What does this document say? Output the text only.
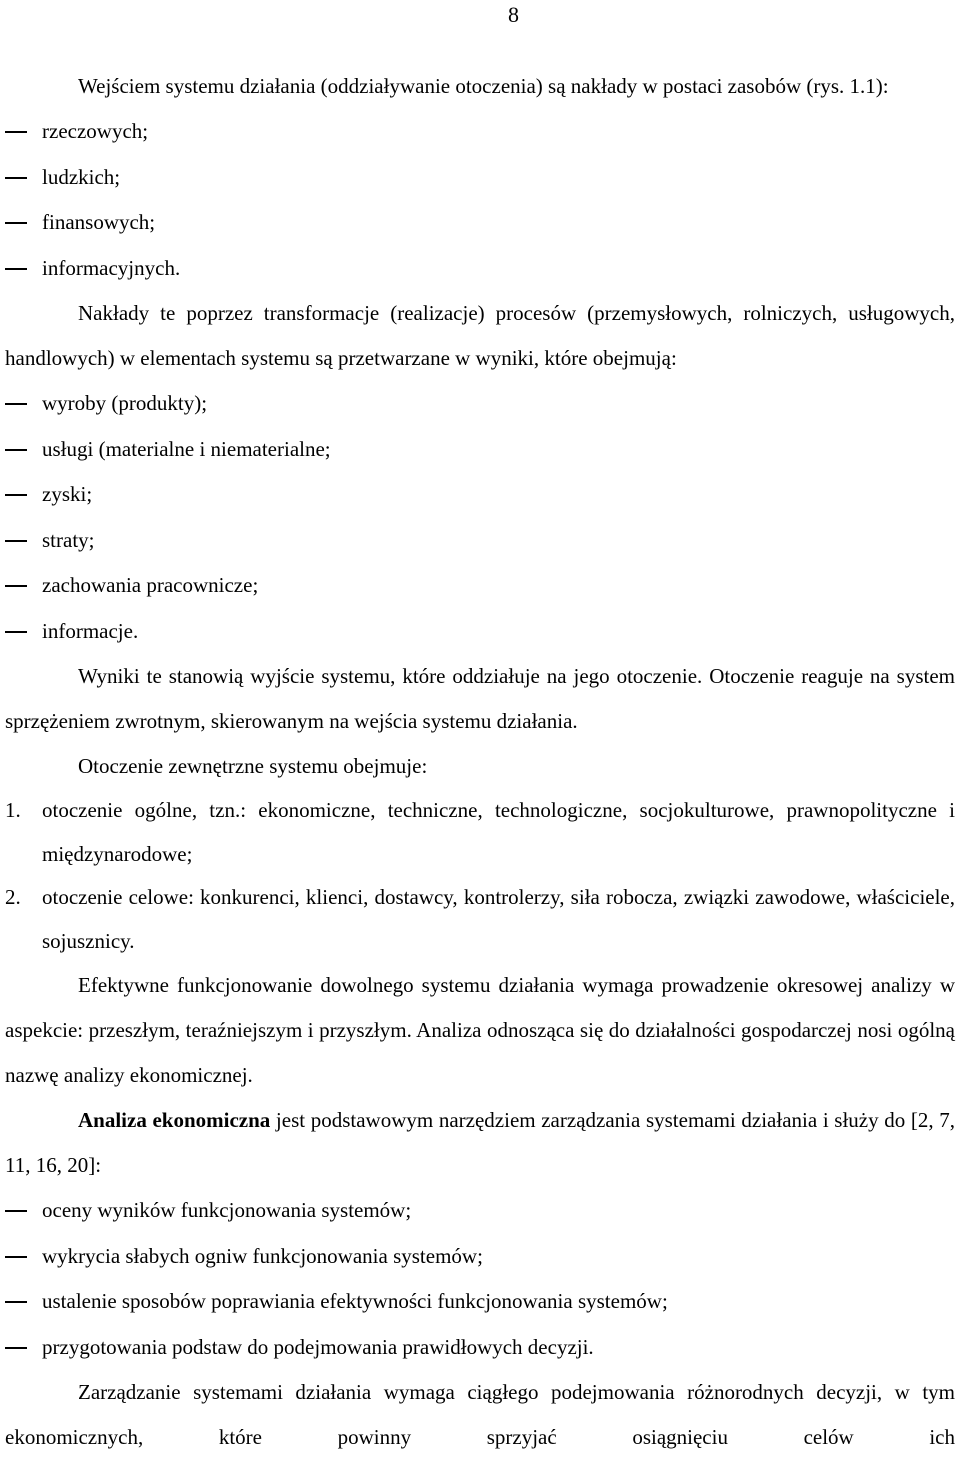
8

Wejściem systemu działania (oddziaływanie otoczenia) są nakłady w postaci zasobów (rys. 1.1):

rzeczowych;
ludzkich;
finansowych;
informacyjnych.

Nakłady te poprzez transformacje (realizacje) procesów (przemysłowych, rolniczych, usługowych, handlowych) w elementach systemu są przetwarzane w wyniki, które obejmują:

wyroby (produkty);
usługi (materialne i niematerialne;
zyski;
straty;
zachowania pracownicze;
informacje.

Wyniki te stanowią wyjście systemu, które oddziałuje na jego otoczenie. Otoczenie reaguje na system sprzężeniem zwrotnym, skierowanym na wejścia systemu działania.

Otoczenie zewnętrzne systemu obejmuje:

1. otoczenie ogólne, tzn.: ekonomiczne, techniczne, technologiczne, socjokulturowe, prawnopolityczne i międzynarodowe;
2. otoczenie celowe: konkurenci, klienci, dostawcy, kontrolerzy, siła robocza, związki zawodowe, właściciele, sojusznicy.

Efektywne funkcjonowanie dowolnego systemu działania wymaga prowadzenie okresowej analizy w aspekcie: przeszłym, teraźniejszym i przyszłym. Analiza odnosząca się do działalności gospodarczej nosi ogólną nazwę analizy ekonomicznej.

Analiza ekonomiczna jest podstawowym narzędziem zarządzania systemami działania i służy do [2, 7, 11, 16, 20]:

oceny wyników funkcjonowania systemów;
wykrycia słabych ogniw funkcjonowania systemów;
ustalenie sposobów poprawiania efektywności funkcjonowania systemów;
przygotowania podstaw do podejmowania prawidłowych decyzji.

Zarządzanie systemami działania wymaga ciągłego podejmowania różnorodnych decyzji, w tym ekonomicznych, które powinny sprzyjać osiągnięciu celów ich
